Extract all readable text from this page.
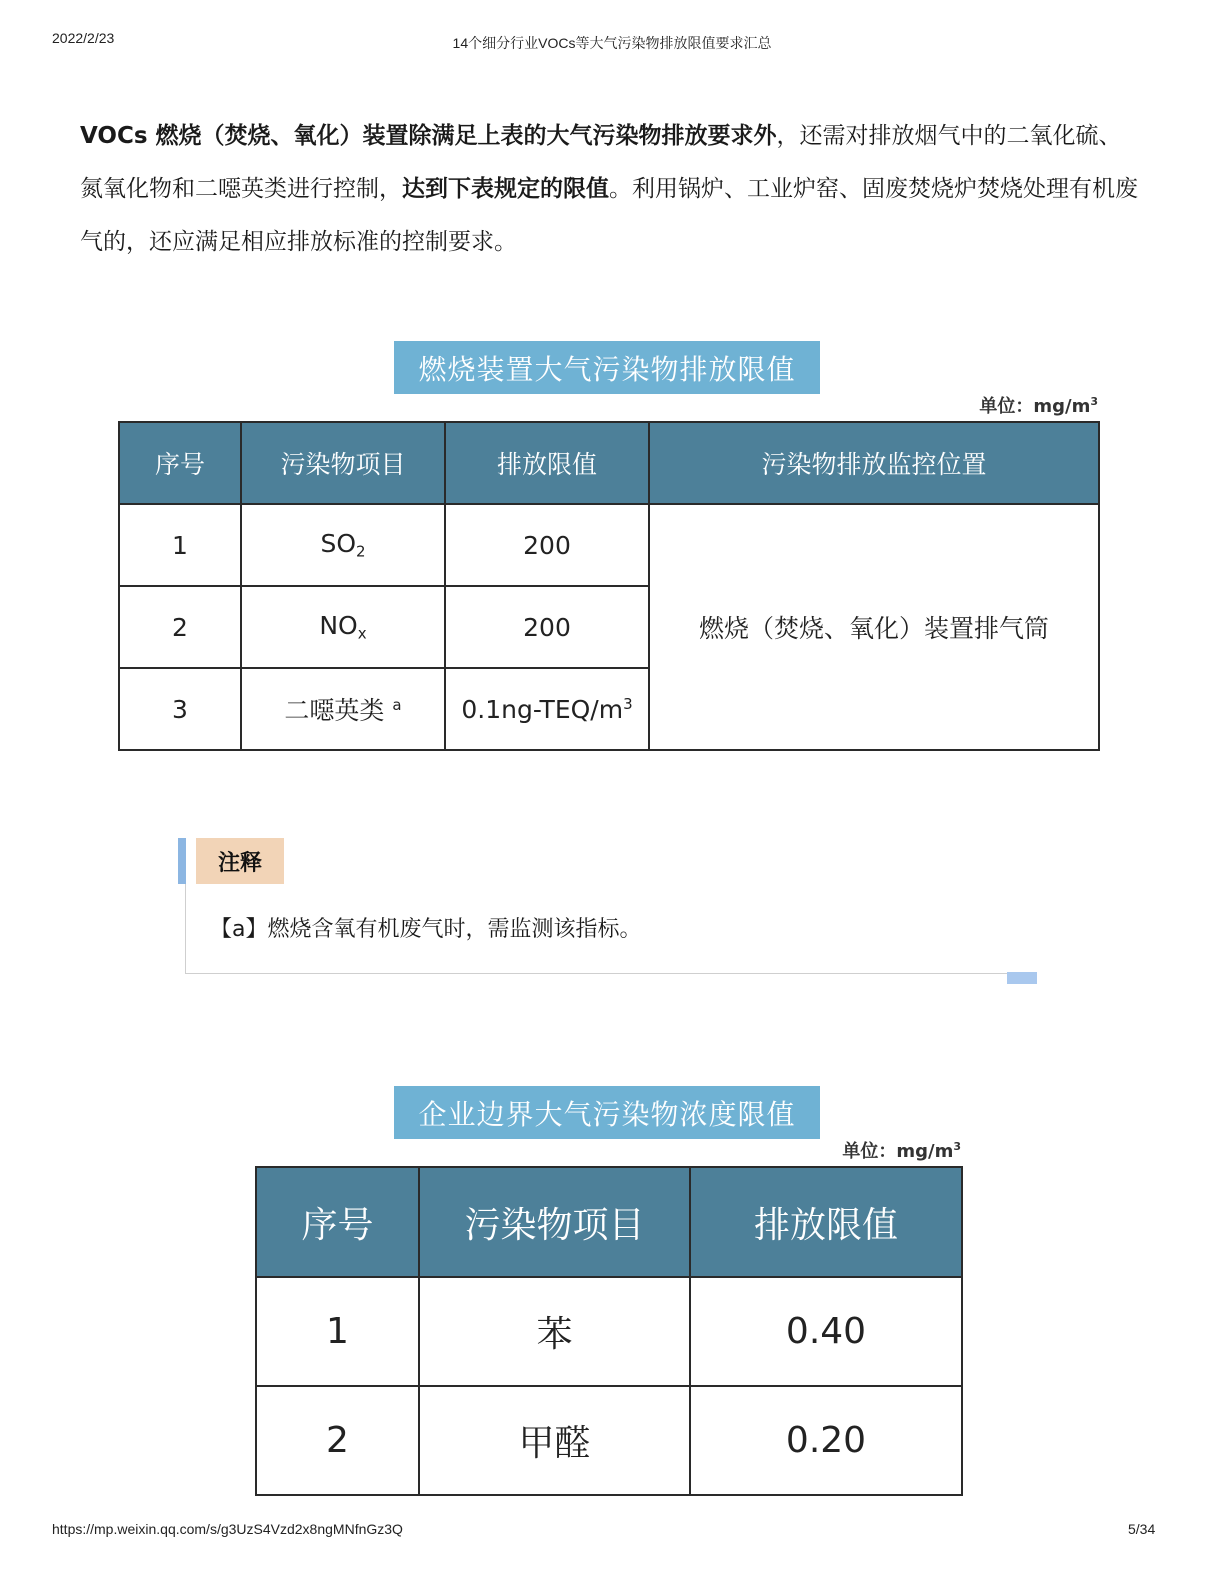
2022/2/23	14个细分行业VOCs等大气污染物排放限值要求汇总

VOCs 燃烧（焚烧、氧化）装置除满足上表的大气污染物排放要求外，还需对排放烟气中的二氧化硫、氮氧化物和二噁英类进行控制，达到下表规定的限值。利用锅炉、工业炉窑、固废焚烧炉焚烧处理有机废气的，还应满足相应排放标准的控制要求。

燃烧装置大气污染物排放限值
单位：$mg/m^3$
序号	污染物项目	排放限值	污染物排放监控位置
1	$SO_2$	200	燃烧（焚烧、氧化）装置排气筒
2	$NO_x$	200	
3	二噁英类 $^a$	$0.1ng-TEQ/m^3$
注释
【a】燃烧含氧有机废气时，需监测该指标。
企业边界大气污染物浓度限值
单位：$mg/m^3$
序号	污染物项目	排放限值
1	苯	0.40
2	甲醛	0.20
https://mp.weixin.qq.com/s/g3UzS4Vzd2x8ngMNfnGz3Q	5/34
